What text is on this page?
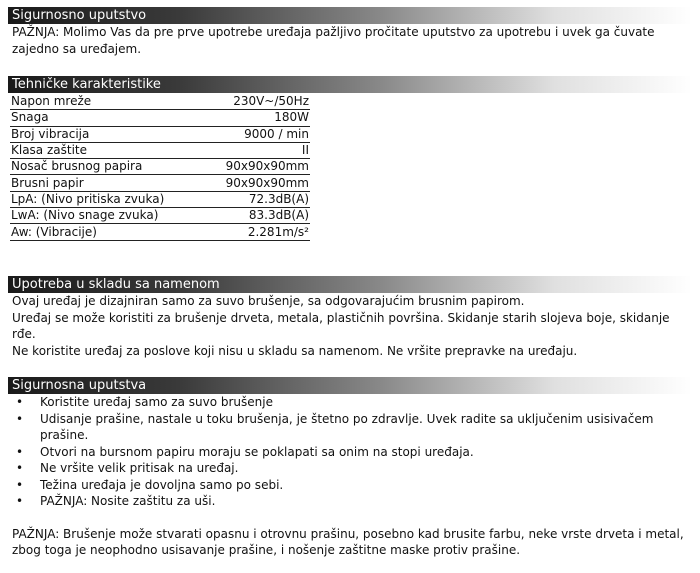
Sigurnosno uputstvo
PAŽNJA: Molimo Vas da pre prve upotrebe uređaja pažljivo pročitate uputstvo za upotrebu i uvek ga čuvate zajedno sa uređajem.
Tehničke karakteristike
Napon mreže	230V~/50Hz
Snaga	180W
Broj vibracija	9000 / min
Klasa zaštite	II
Nosač brusnog papira	90x90x90mm
Brusni papir	90x90x90mm
LpA: (Nivo pritiska zvuka)	72.3dB(A)
LwA: (Nivo snage zvuka)	83.3dB(A)
Aw: (Vibracije)	2.281m/s²
Upotreba u skladu sa namenom
Ovaj uređaj je dizajniran samo za suvo brušenje, sa odgovarajućim brusnim papirom.
Uređaj se može koristiti za brušenje drveta, metala, plastičnih površina. Skidanje starih slojeva boje, skidanje rđe.
Ne koristite uređaj za poslove koji nisu u skladu sa namenom. Ne vršite prepravke na uređaju.
Sigurnosna uputstva
• Koristite uređaj samo za suvo brušenje
• Udisanje prašine, nastale u toku brušenja, je štetno po zdravlje. Uvek radite sa uključenim usisivačem prašine.
• Otvori na bursnom papiru moraju se poklapati sa onim na stopi uređaja.
• Ne vršite velik pritisak na uređaj.
• Težina uređaja je dovoljna samo po sebi.
• PAŽNJA: Nosite zaštitu za uši.
PAŽNJA: Brušenje može stvarati opasnu i otrovnu prašinu, posebno kad brusite farbu, neke vrste drveta i metal, zbog toga je neophodno usisavanje prašine, i nošenje zaštitne maske protiv prašine.
